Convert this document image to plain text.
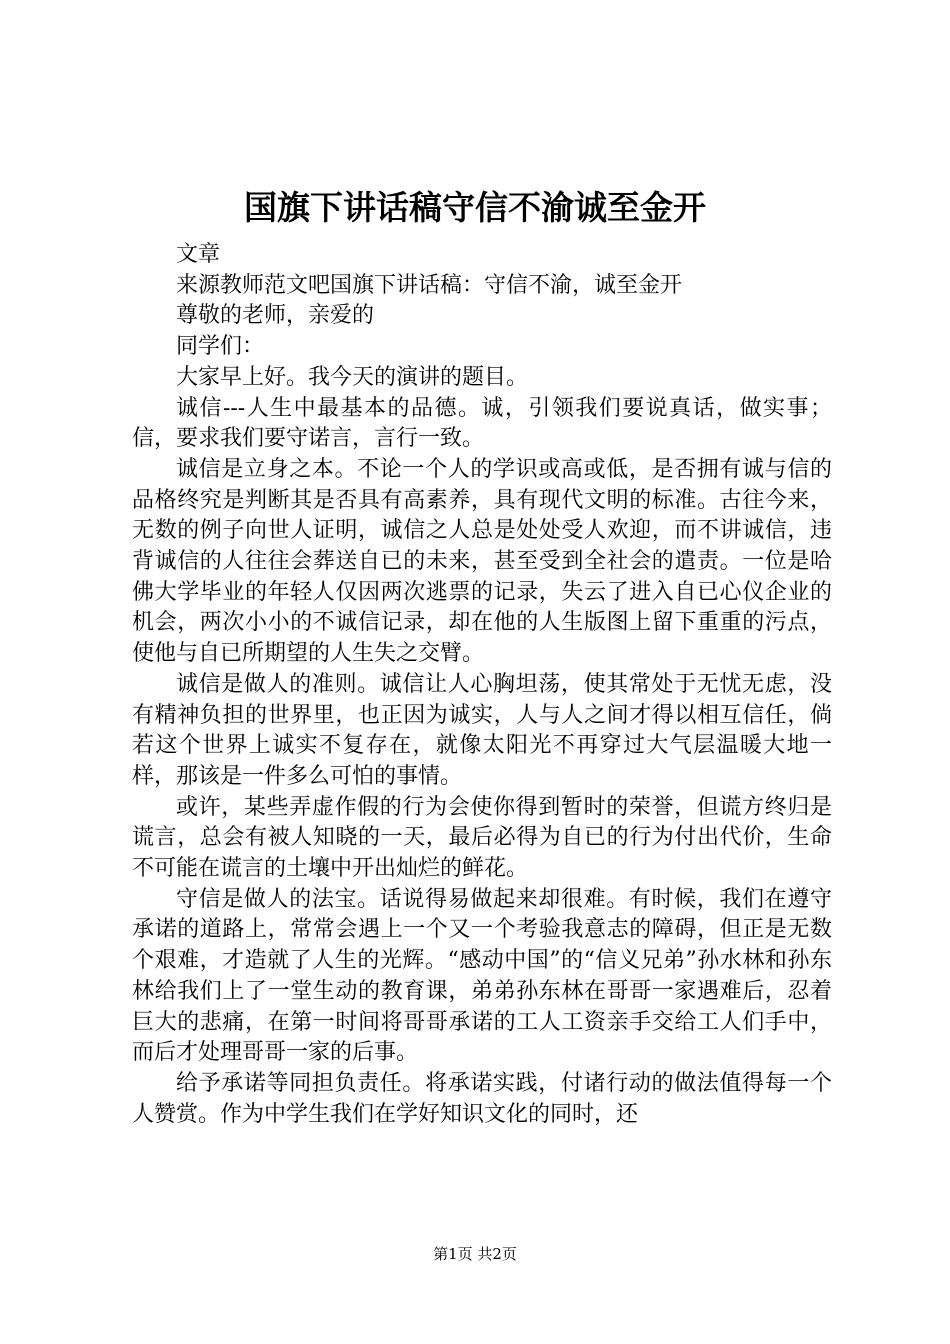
国旗下讲话稿守信不渝诚至金开

文章

来源教师范文吧国旗下讲话稿：守信不渝，诚至金开

尊敬的老师，亲爱的

同学们：

大家早上好。我今天的演讲的题目。

诚信---人生中最基本的品德。诚，引领我们要说真话，做实事；信，要求我们要守诺言，言行一致。

诚信是立身之本。不论一个人的学识或高或低，是否拥有诚与信的品格终究是判断其是否具有高素养，具有现代文明的标准。古往今来，无数的例子向世人证明，诚信之人总是处处受人欢迎，而不讲诚信，违背诚信的人往往会葬送自已的未来，甚至受到全社会的遣责。一位是哈佛大学毕业的年轻人仅因两次逃票的记录，失云了进入自已心仪企业的机会，两次小小的不诚信记录，却在他的人生版图上留下重重的污点，使他与自已所期望的人生失之交臂。

诚信是做人的准则。诚信让人心胸坦荡，使其常处于无忧无虑，没有精神负担的世界里，也正因为诚实，人与人之间才得以相互信任，倘若这个世界上诚实不复存在，就像太阳光不再穿过大气层温暖大地一样，那该是一件多么可怕的事情。

或许，某些弄虚作假的行为会使你得到暂时的荣誉，但谎方终归是谎言，总会有被人知晓的一天，最后必得为自已的行为付出代价，生命不可能在谎言的土壤中开出灿烂的鲜花。

守信是做人的法宝。话说得易做起来却很难。有时候，我们在遵守承诺的道路上，常常会遇上一个又一个考验我意志的障碍，但正是无数个艰难，才造就了人生的光辉。“感动中国”的“信义兄弟”孙水林和孙东林给我们上了一堂生动的教育课，弟弟孙东林在哥哥一家遇难后，忍着巨大的悲痛，在第一时间将哥哥承诺的工人工资亲手交给工人们手中，而后才处理哥哥一家的后事。

给予承诺等同担负责任。将承诺实践，付诸行动的做法值得每一个人赞赏。作为中学生我们在学好知识文化的同时，还

第1页 共2页
